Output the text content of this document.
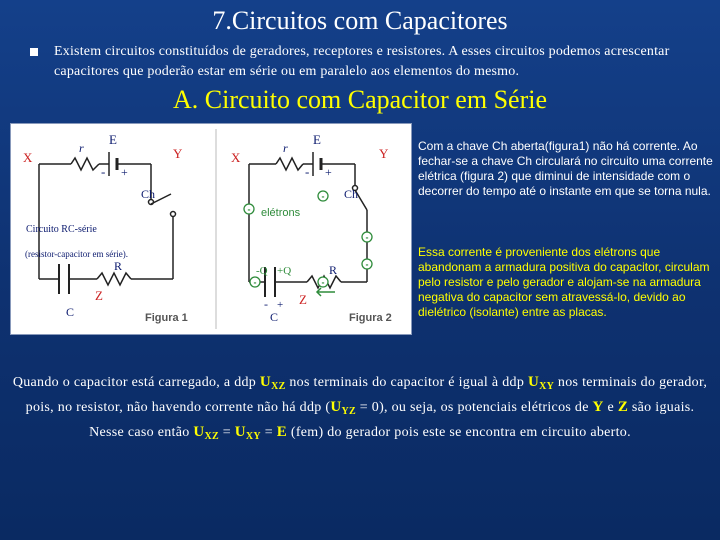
7.Circuitos com Capacitores
Existem circuitos constituídos de geradores, receptores e resistores. A esses circuitos podemos acrescentar capacitores que poderão estar em série ou em paralelo aos elementos do mesmo.
A. Circuito com Capacitor em Série
X	Y
E
r
- +
Ch
R
Z
C
Circuito RC-série
(resistor-capacitor em série).
Figura 1
-
-
-
-
-	-
X	Y
E
r
- +
Ch
elétrons
R
-Q +Q
- + Z
C	Figura 2
Com a chave Ch aberta(figura1) não há corrente. Ao fechar-se a chave Ch circulará no circuito uma corrente elétrica (figura 2) que diminui de intensidade com o decorrer do tempo até o instante em que se torna nula.
Essa corrente é proveniente dos elétrons que abandonam a armadura positiva do capacitor, circulam pelo resistor e pelo gerador e alojam-se na armadura negativa do capacitor sem atravessá-lo, devido ao dielétrico (isolante) entre as placas.
Quando o capacitor está carregado, a ddp $U_{XZ}$ nos terminais do capacitor é igual à ddp $U_{XY}$ nos terminais do gerador, pois, no resistor, não havendo corrente não há ddp $(U_{YZ} = 0)$, ou seja, os potenciais elétricos de Y e Z são iguais. Nesse caso então $U_{XZ} = U_{XY} = E$ (fem) do gerador pois este se encontra em circuito aberto.
